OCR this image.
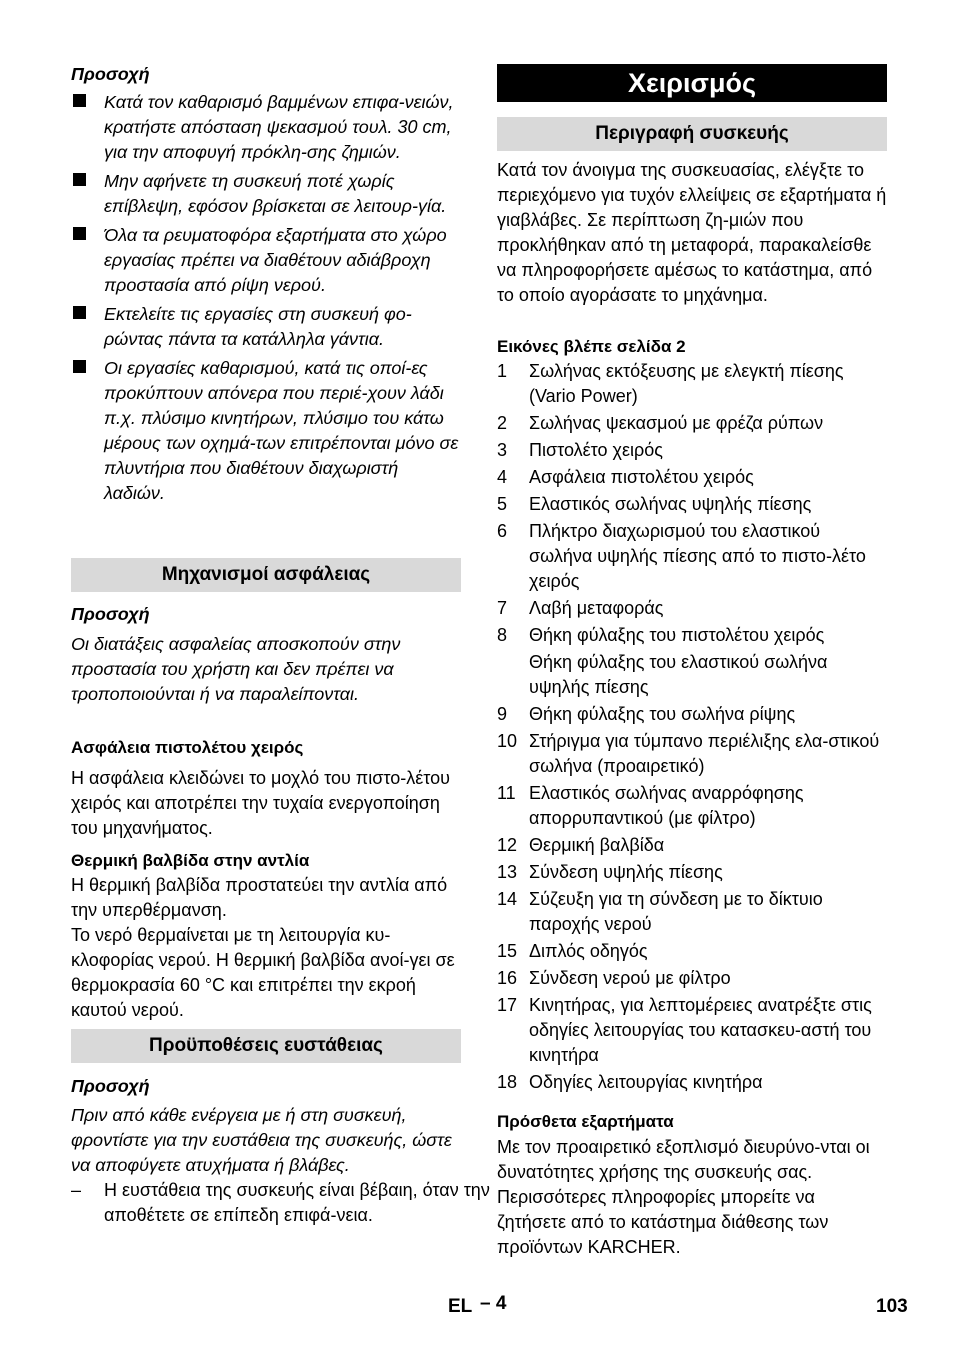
Προσοχή
Κατά τον καθαρισμό βαμμένων επιφα-νειών, κρατήστε απόσταση ψεκασμού τουλ. 30 cm, για την αποφυγή πρόκλη-σης ζημιών.
Μην αφήνετε τη συσκευή ποτέ χωρίς επίβλεψη, εφόσον βρίσκεται σε λειτουρ-γία.
Όλα τα ρευματοφόρα εξαρτήματα στο χώρο εργασίας πρέπει να διαθέτουν αδιάβροχη προστασία από ρίψη νερού.
Εκτελείτε τις εργασίες στη συσκευή φο-ρώντας πάντα τα κατάλληλα γάντια.
Οι εργασίες καθαρισμού, κατά τις οποί-ες προκύπτουν απόνερα που περιέ-χουν λάδι π.χ. πλύσιμο κινητήρων, πλύσιμο του κάτω μέρους των οχημά-των επιτρέπονται μόνο σε πλυντήρια που διαθέτουν διαχωριστή λαδιών.
Μηχανισμοί ασφάλειας
Προσοχή
Οι διατάξεις ασφαλείας αποσκοπούν στην προστασία του χρήστη και δεν πρέπει να τροποποιούνται ή να παραλείπονται.
Ασφάλεια πιστολέτου χειρός
Η ασφάλεια κλειδώνει το μοχλό του πιστο-λέτου χειρός και αποτρέπει την τυχαία ενεργοποίηση του μηχανήματος.
Θερμική βαλβίδα στην αντλία
Η θερμική βαλβίδα προστατεύει την αντλία από την υπερθέρμανση.
Το νερό θερμαίνεται με τη λειτουργία κυ-κλοφορίας νερού. Η θερμική βαλβίδα ανοί-γει σε θερμοκρασία 60 °C και επιτρέπει την εκροή καυτού νερού.
Προϋποθέσεις ευστάθειας
Προσοχή
Πριν από κάθε ενέργεια με ή στη συσκευή, φροντίστε για την ευστάθεια της συσκευής, ώστε να αποφύγετε ατυχήματα ή βλάβες.
– Η ευστάθεια της συσκευής είναι βέβαιη, όταν την αποθέτετε σε επίπεδη επιφά-νεια.
Χειρισμός
Περιγραφή συσκευής
Κατά τον άνοιγμα της συσκευασίας, ελέγξτε το περιεχόμενο για τυχόν ελλείψεις σε εξαρτήματα ή γιαβλάβες. Σε περίπτωση ζη-μιών που προκλήθηκαν από τη μεταφορά, παρακαλείσθε να πληροφορήσετε αμέσως το κατάστημα, από το οποίο αγοράσατε το μηχάνημα.
Εικόνες βλέπε σελίδα 2
1 Σωλήνας εκτόξευσης με ελεγκτή πίεσης (Vario Power)
2 Σωλήνας ψεκασμού με φρέζα ρύπων
3 Πιστολέτο χειρός
4 Ασφάλεια πιστολέτου χειρός
5 Ελαστικός σωλήνας υψηλής πίεσης
6 Πλήκτρο διαχωρισμού του ελαστικού σωλήνα υψηλής πίεσης από το πιστο-λέτο χειρός
7 Λαβή μεταφοράς
8 Θήκη φύλαξης του πιστολέτου χειρός
Θήκη φύλαξης του ελαστικού σωλήνα υψηλής πίεσης
9 Θήκη φύλαξης του σωλήνα ρίψης
10 Στήριγμα για τύμπανο περιέλιξης ελα-στικού σωλήνα (προαιρετικό)
11 Ελαστικός σωλήνας αναρρόφησης απορρυπαντικού (με φίλτρο)
12 Θερμική βαλβίδα
13 Σύνδεση υψηλής πίεσης
14 Σύζευξη για τη σύνδεση με το δίκτυιο παροχής νερού
15 Διπλός οδηγός
16 Σύνδεση νερού με φίλτρο
17 Κινητήρας, για λεπτομέρειες ανατρέξτε στις οδηγίες λειτουργίας του κατασκευ-αστή του κινητήρα
18 Οδηγίες λειτουργίας κινητήρα
Πρόσθετα εξαρτήματα
Με τον προαιρετικό εξοπλισμό διευρύνο-νται οι δυνατότητες χρήσης της συσκευής σας. Περισσότερες πληροφορίες μπορείτε να ζητήσετε από το κατάστημα διάθεσης των προϊόντων KARCHER.
EL – 4	103
